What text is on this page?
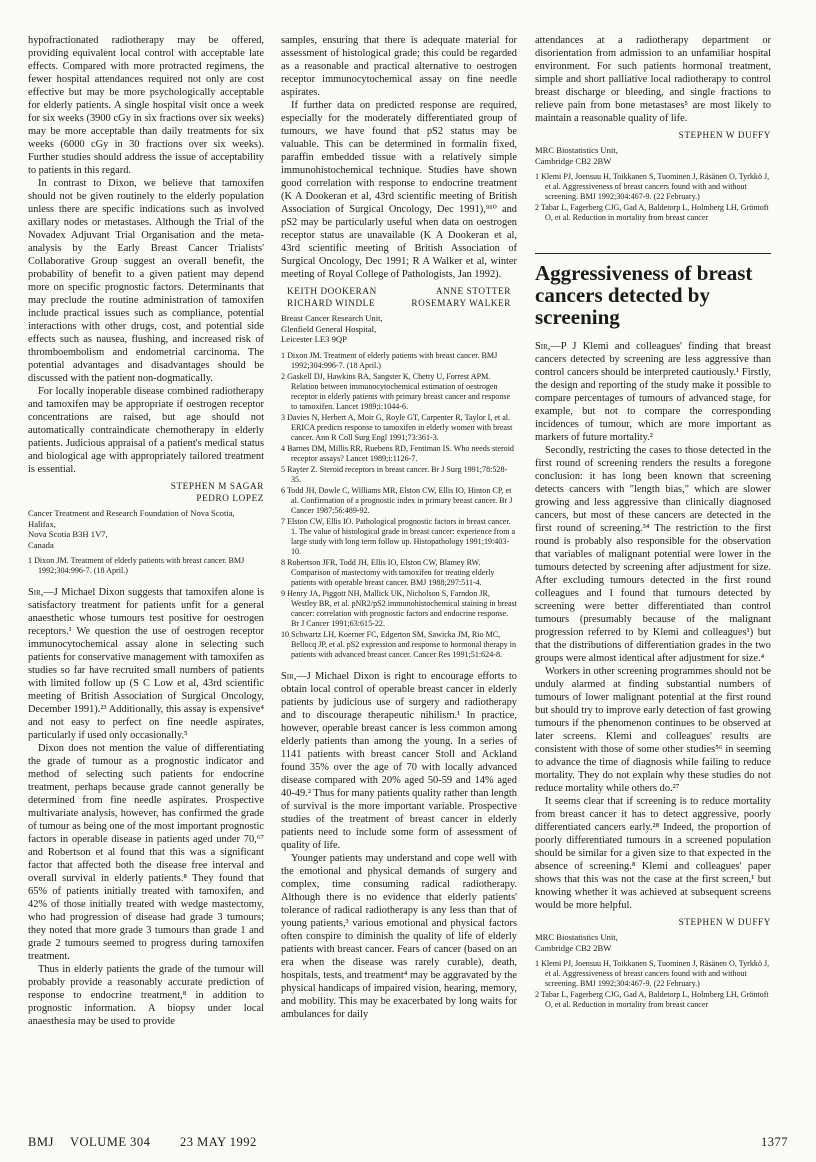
hypofractionated radiotherapy may be offered, providing equivalent local control with acceptable late effects. Compared with more protracted regimens, the fewer hospital attendances required not only are cost effective but may be more psychologically acceptable for elderly patients. A single hospital visit once a week for six weeks (3900 cGy in six fractions over six weeks) may be more acceptable than daily treatments for six weeks (6000 cGy in 30 fractions over six weeks). Further studies should address the issue of acceptability to patients in this regard.

In contrast to Dixon, we believe that tamoxifen should not be given routinely to the elderly population unless there are specific indications such as involved axillary nodes or metastases. Although the Trial of the Novadex Adjuvant Trial Organisation and the meta-analysis by the Early Breast Cancer Trialists' Collaborative Group suggest an overall benefit, the probability of benefit to a given patient may depend more on specific prognostic factors. Determinants that may preclude the routine administration of tamoxifen include practical issues such as compliance, potential interactions with other drugs, cost, and potential side effects such as nausea, flushing, and increased risk of thromboembolism and endometrial carcinoma. The potential advantages and disadvantages should be discussed with the patient non-dogmatically.

For locally inoperable disease combined radiotherapy and tamoxifen may be appropriate if oestrogen receptor concentrations are raised, but age should not automatically contraindicate chemotherapy in elderly patients. Judicious appraisal of a patient's medical status and biological age with appropriately tailored treatment is essential.

STEPHEN M SAGAR
PEDRO LOPEZ
Cancer Treatment and Research Foundation of Nova Scotia,
Halifax,
Nova Scotia B3H 1V7,
Canada
1 Dixon JM. Treatment of elderly patients with breast cancer. BMJ 1992;304:996-7. (18 April.)

Sir,—J Michael Dixon suggests that tamoxifen alone is satisfactory treatment for patients unfit for a general anaesthetic whose tumours test positive for oestrogen receptors.¹ We question the use of oestrogen receptor immunocytochemical assay alone in selecting such patients for conservative management with tamoxifen as studies so far have recruited small numbers of patients with limited follow up (S C Low et al, 43rd scientific meeting of British Association of Surgical Oncology, December 1991).²³ Additionally, this assay is expensive⁴ and not easy to perfect on fine needle aspirates, particularly if used only occasionally.⁵

Dixon does not mention the value of differentiating the grade of tumour as a prognostic indicator and method of selecting such patients for endocrine treatment, perhaps because grade cannot generally be determined from fine needle aspirates. Prospective multivariate analysis, however, has confirmed the grade of tumour as being one of the most important prognostic factors in operable disease in patients aged under 70,⁶⁷ and Robertson et al found that this was a significant factor that affected both the disease free interval and overall survival in elderly patients.⁸ They found that 65% of patients initially treated with tamoxifen, and 42% of those initially treated with wedge mastectomy, who had progression of disease had grade 3 tumours; they noted that more grade 3 tumours than grade 1 and grade 2 tumours seemed to progress during tamoxifen treatment.

Thus in elderly patients the grade of the tumour will probably provide a reasonably accurate prediction of response to endocrine treatment,⁸ in addition to prognostic information. A biopsy under local anaesthesia may be used to provide

samples, ensuring that there is adequate material for assessment of histological grade; this could be regarded as a reasonable and practical alternative to oestrogen receptor immunocytochemical assay on fine needle aspirates.

If further data on predicted response are required, especially for the moderately differentiated group of tumours, we have found that pS2 status may be valuable. This can be determined in formalin fixed, paraffin embedded tissue with a relatively simple immunohistochemical technique. Studies have shown good correlation with response to endocrine treatment (K A Dookeran et al, 43rd scientific meeting of British Association of Surgical Oncology, Dec 1991),⁹¹⁰ and pS2 may be particularly useful when data on oestrogen receptor status are unavailable (K A Dookeran et al, 43rd scientific meeting of British Association of Surgical Oncology, Dec 1991; R A Walker et al, winter meeting of Royal College of Pathologists, Jan 1992).

KEITH DOOKERAN	ANNE STOTTER
RICHARD WINDLE	ROSEMARY WALKER
Breast Cancer Research Unit,
Glenfield General Hospital,
Leicester LE3 9QP
1 Dixon JM. Treatment of elderly patients with breast cancer. BMJ 1992;304:996-7. (18 April.)
2 Gaskell DJ, Hawkins RA, Sangster K, Chetty U, Forrest APM. Relation between immunocytochemical estimation of oestrogen receptor in elderly patients with primary breast cancer and response to tamoxifen. Lancet 1989;i:1044-6.
3 Davies N, Herbert A, Moir G, Royle GT, Carpenter R, Taylor I, et al. ERICA predicts response to tamoxifen in elderly women with breast cancer. Ann R Coll Surg Engl 1991;73:361-3.
4 Barnes DM, Millis RR, Ruebens RD, Fentiman IS. Who needs steroid receptor assays? Lancet 1989;i:1126-7.
5 Rayter Z. Steroid receptors in breast cancer. Br J Surg 1991;78:528-35.
6 Todd JH, Dowle C, Williams MR, Elston CW, Ellis IO, Hinton CP, et al. Confirmation of a prognostic index in primary breast cancer. Br J Cancer 1987;56:489-92.
7 Elston CW, Ellis IO. Pathological prognostic factors in breast cancer. 1. The value of histological grade in breast cancer: experience from a large study with long term follow up. Histopathology 1991;19:403-10.
8 Robertson JFR, Todd JH, Ellis IO, Elston CW, Blamey RW. Comparison of mastectomy with tamoxifen for treating elderly patients with operable breast cancer. BMJ 1988;297:511-4.
9 Henry JA, Piggott NH, Mallick UK, Nicholson S, Farndon JR, Westley BR, et al. pNR2/pS2 immunohistochemical staining in breast cancer: correlation with prognostic factors and endocrine response. Br J Cancer 1991;63:615-22.
10 Schwartz LH, Koerner FC, Edgerton SM, Sawicka JM, Rio MC, Bellocq JP, et al. pS2 expression and response to hormonal therapy in patients with advanced breast cancer. Cancer Res 1991;51:624-8.

Sir,—J Michael Dixon is right to encourage efforts to obtain local control of operable breast cancer in elderly patients by judicious use of surgery and radiotherapy and to discourage therapeutic nihilism.¹ In practice, however, operable breast cancer is less common among elderly patients than among the young. In a series of 1141 patients with breast cancer Stoll and Ackland found 35% over the age of 70 with locally advanced disease compared with 20% aged 50-59 and 14% aged 40-49.² Thus for many patients quality rather than length of survival is the more important variable. Prospective studies of the treatment of breast cancer in elderly patients need to include some form of assessment of quality of life.

Younger patients may understand and cope well with the emotional and physical demands of surgery and complex, time consuming radical radiotherapy. Although there is no evidence that elderly patients' tolerance of radical radiotherapy is any less than that of young patients,³ various emotional and physical factors often conspire to diminish the quality of life of elderly patients with breast cancer. Fears of cancer (based on an era when the disease was rarely curable), death, hospitals, tests, and treatment⁴ may be aggravated by the physical handicaps of impaired vision, hearing, memory, and mobility. This may be exacerbated by long waits for ambulances for daily

attendances at a radiotherapy department or disorientation from admission to an unfamiliar hospital environment. For such patients hormonal treatment, simple and short palliative local radiotherapy to control breast discharge or bleeding, and single fractions to relieve pain from bone metastases⁵ are most likely to maintain a reasonable quality of life.

STEPHEN W DUFFY
MRC Biostatistics Unit,
Cambridge CB2 2BW
1 Klemi PJ, Joensuu H, Toikkanen S, Tuominen J, Räsänen O, Tyrkkö J, et al. Aggressiveness of breast cancers found with and without screening. BMJ 1992;304:467-9. (22 February.)
2 Tabar L, Fagerberg CJG, Gad A, Baldetorp L, Holmberg LH, Gröntoft O, et al. Reduction in mortality from breast cancer
Aggressiveness of breast cancers detected by screening

Sir,—P J Klemi and colleagues' finding that breast cancers detected by screening are less aggressive than control cancers should be interpreted cautiously.¹ Firstly, the design and reporting of the study make it possible to compare percentages of tumours of advanced stage, for example, but not to compare the corresponding incidences of tumour, which are more important as markers of future mortality.²

Secondly, restricting the cases to those detected in the first round of screening renders the results a foregone conclusion: it has long been known that screening detects cancers with "length bias," which are slower growing and less aggressive than clinically diagnosed cancers, but most of these cancers are detected in the first round of screening.³⁴ The restriction to the first round is probably also responsible for the observation that variables of malignant potential were lower in the tumours detected by screening after adjustment for size. After excluding tumours detected in the first round colleagues and I found that tumours detected by screening were better differentiated than control tumours (presumably because of the malignant progression referred to by Klemi and colleagues¹) but that the distributions of differentiation grades in the two groups were almost identical after adjustment for size.⁴

Workers in other screening programmes should not be unduly alarmed at finding substantial numbers of tumours of lower malignant potential at the first round but should try to improve early detection of fast growing tumours if the phenomenon continues to be observed at later screens. Klemi and colleagues' results are consistent with those of some other studies⁵⁶ in seeming to advance the time of diagnosis while failing to reduce mortality. They do not explain why these studies do not reduce mortality while others do.²⁷

It seems clear that if screening is to reduce mortality from breast cancer it has to detect aggressive, poorly differentiated cancers early.²⁸ Indeed, the proportion of poorly differentiated tumours in a screened population should be similar for a given size to that expected in the absence of screening.⁸ Klemi and colleagues' paper shows that this was not the case at the first screen,¹ but knowing whether it was achieved at subsequent screens would be more helpful.

STEPHEN W DUFFY
MRC Biostatistics Unit,
Cambridge CB2 2BW
1 Klemi PJ, Joensuu H, Toikkanen S, Tuominen J, Räsänen O, Tyrkkö J, et al. Aggressiveness of breast cancers found with and without screening. BMJ 1992;304:467-9. (22 February.)
2 Tabar L, Fagerberg CJG, Gad A, Baldetorp L, Holmberg LH, Gröntoft O, et al. Reduction in mortality from breast cancer
BMJ VOLUME 304 23 MAY 1992	1377
